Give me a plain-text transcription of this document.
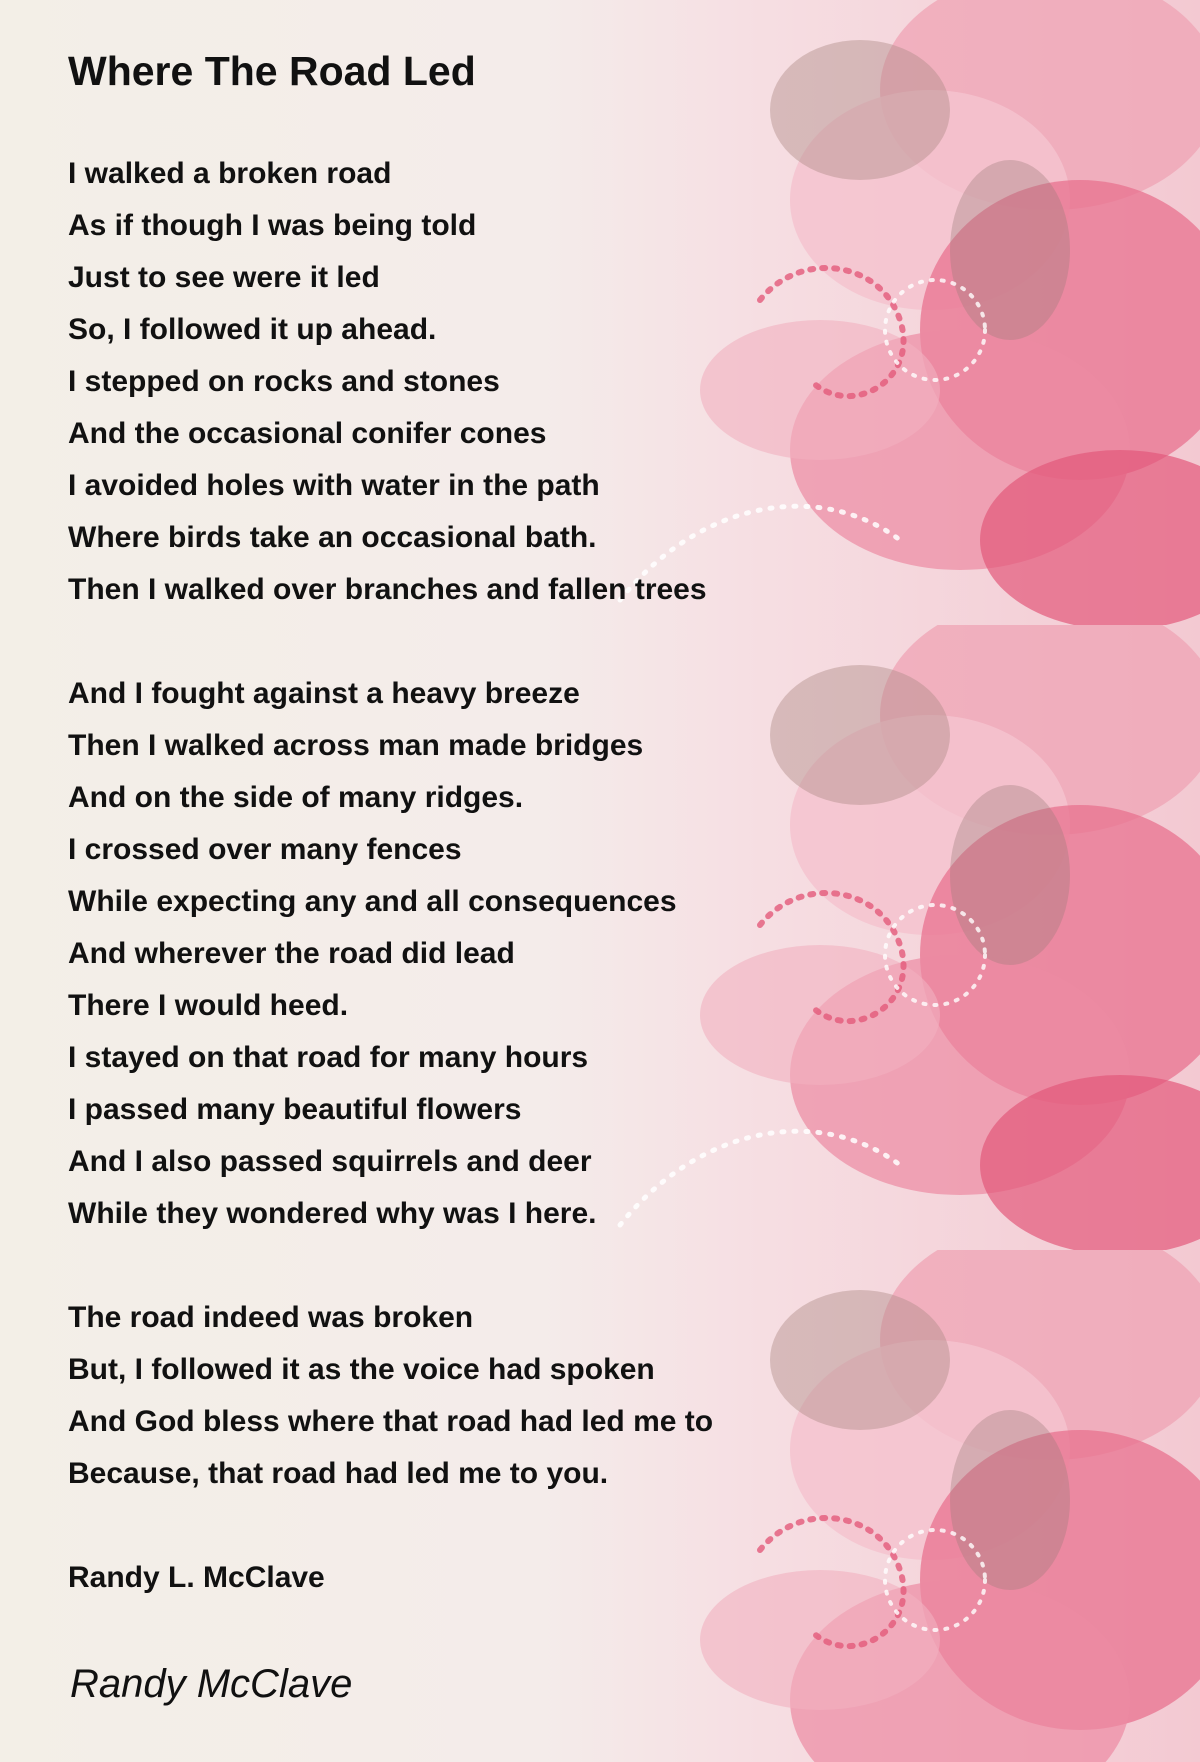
Where The Road Led
I walked a broken road
As if though I was being told
Just to see were it led
So, I followed it up ahead.
I stepped on rocks and stones
And the occasional conifer cones
I avoided holes with water in the path
Where birds take an occasional bath.
Then I walked over branches and fallen trees
And I fought against a heavy breeze
Then I walked across man made bridges
And on the side of many ridges.
I crossed over many fences
While expecting any and all consequences
And wherever the road did lead
There I would heed.
I stayed on that road for many hours
I passed many beautiful flowers
And I also passed squirrels and deer
While they wondered why was I here.
The road indeed was broken
But, I followed it as the voice had spoken
And God bless where that road had led me to
Because, that road had led me to you.
Randy L. McClave
Randy McClave
